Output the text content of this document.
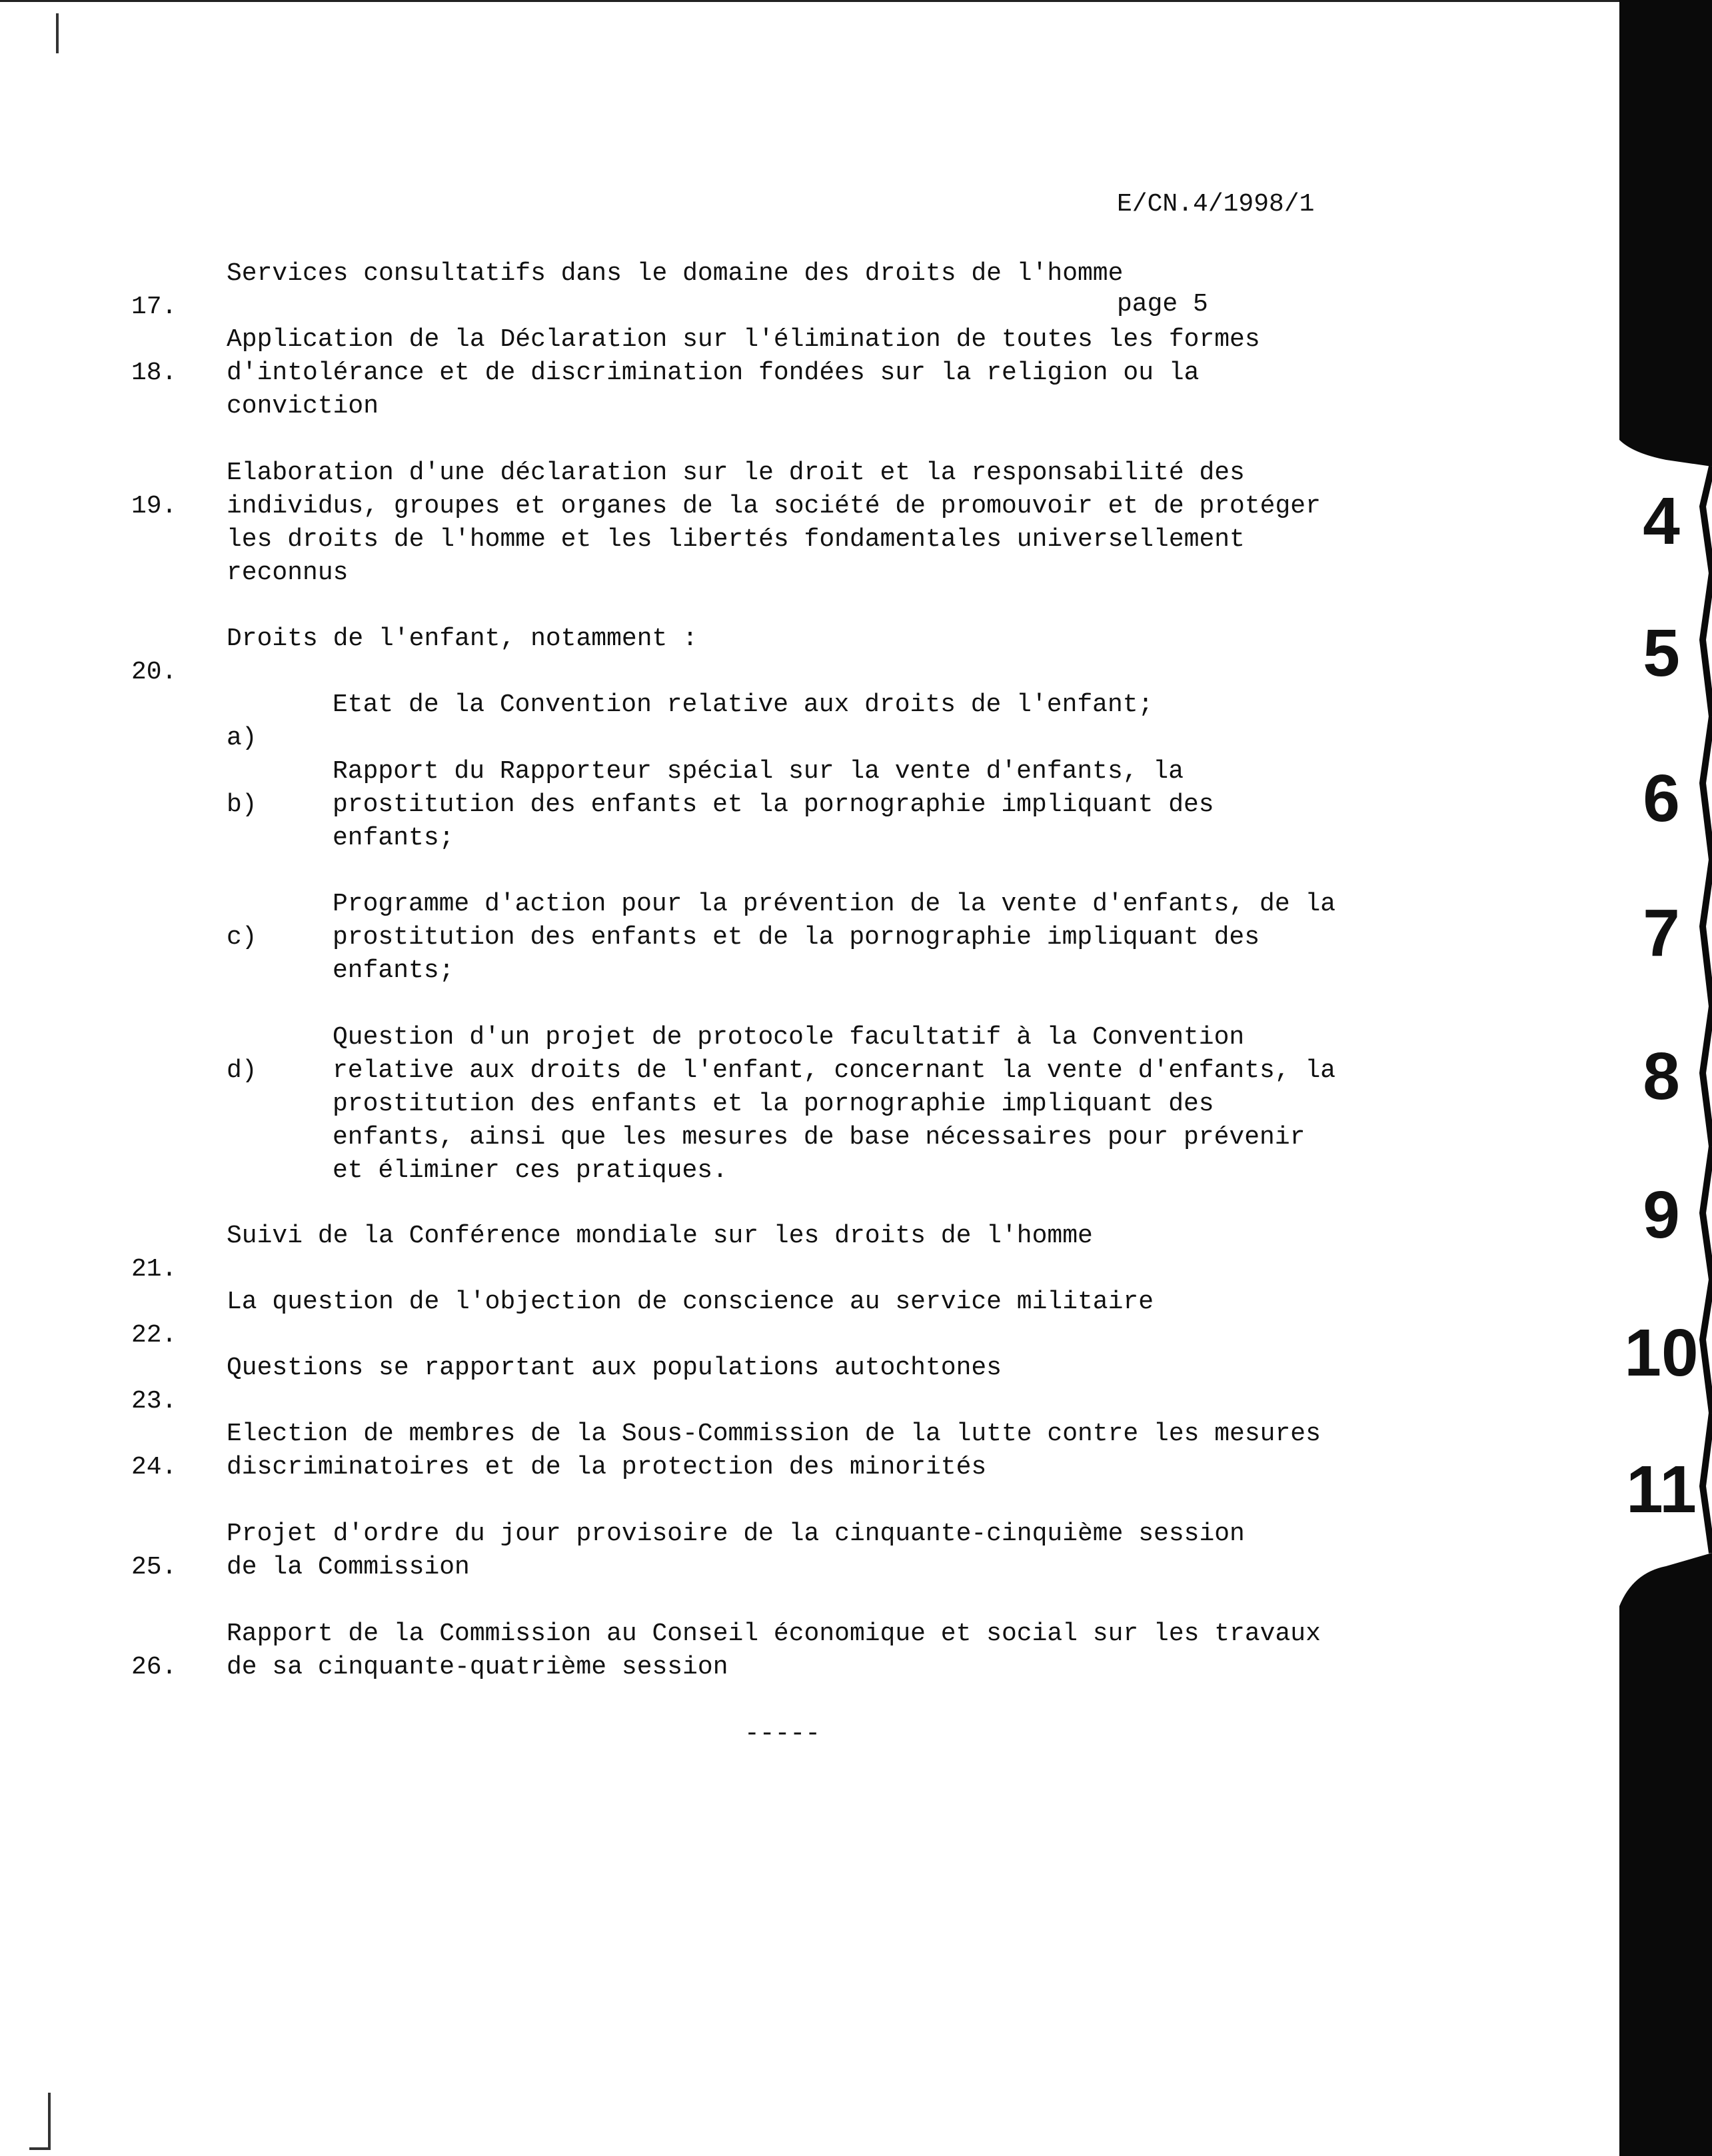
E/CN.4/1998/1

page 5

17.

Services consultatifs dans le domaine des droits de l'homme

18.

Application de la Déclaration sur l'élimination de toutes les formes

d'intolérance et de discrimination fondées sur la religion ou la

conviction

19.

Elaboration d'une déclaration sur le droit et la responsabilité des

individus, groupes et organes de la société de promouvoir et de protéger

les droits de l'homme et les libertés fondamentales universellement

reconnus

20.

Droits de l'enfant, notamment :

a)

Etat de la Convention relative aux droits de l'enfant;

b)

Rapport du Rapporteur spécial sur la vente d'enfants, la

prostitution des enfants et la pornographie impliquant des

enfants;

c)

Programme d'action pour la prévention de la vente d'enfants, de la

prostitution des enfants et de la pornographie impliquant des

enfants;

d)

Question d'un projet de protocole facultatif à la Convention

relative aux droits de l'enfant, concernant la vente d'enfants, la

prostitution des enfants et la pornographie impliquant des

enfants, ainsi que les mesures de base nécessaires pour prévenir

et éliminer ces pratiques.

21.

Suivi de la Conférence mondiale sur les droits de l'homme

22.

La question de l'objection de conscience au service militaire

23.

Questions se rapportant aux populations autochtones

24.

Election de membres de la Sous-Commission de la lutte contre les mesures

discriminatoires et de la protection des minorités

25.

Projet d'ordre du jour provisoire de la cinquante-cinquième session

de la Commission

26.

Rapport de la Commission au Conseil économique et social sur les travaux

de sa cinquante-quatrième session

-----
4
5
6
7
8
9
10
11
